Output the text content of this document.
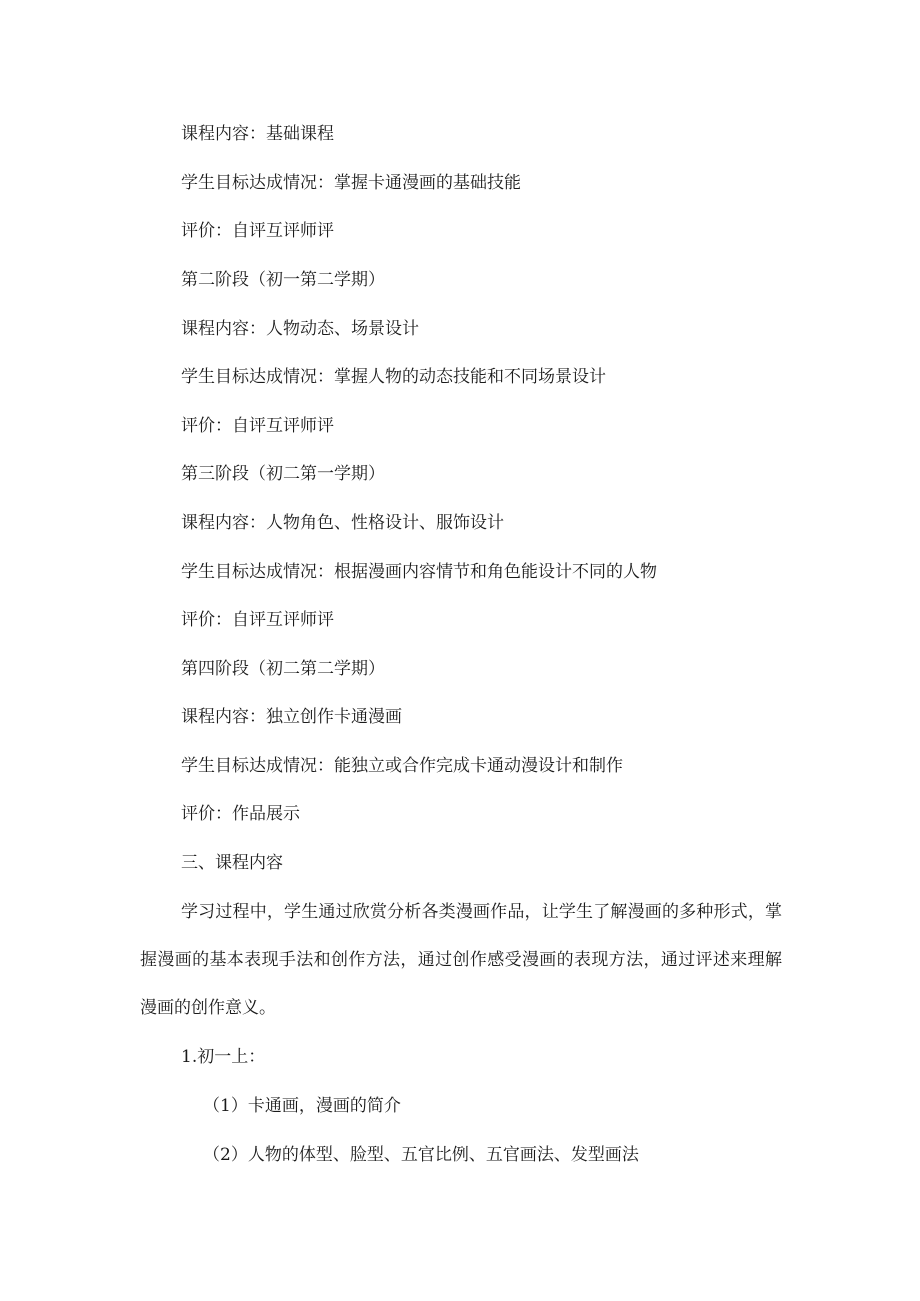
课程内容：基础课程
学生目标达成情况：掌握卡通漫画的基础技能
评价：自评互评师评
第二阶段（初一第二学期）
课程内容：人物动态、场景设计
学生目标达成情况：掌握人物的动态技能和不同场景设计
评价：自评互评师评
第三阶段（初二第一学期）
课程内容：人物角色、性格设计、服饰设计
学生目标达成情况：根据漫画内容情节和角色能设计不同的人物
评价：自评互评师评
第四阶段（初二第二学期）
课程内容：独立创作卡通漫画
学生目标达成情况：能独立或合作完成卡通动漫设计和制作
评价：作品展示
三、课程内容
学习过程中，学生通过欣赏分析各类漫画作品，让学生了解漫画的多种形式，掌握漫画的基本表现手法和创作方法，通过创作感受漫画的表现方法，通过评述来理解漫画的创作意义。
1.初一上：
（1）卡通画，漫画的简介
（2）人物的体型、脸型、五官比例、五官画法、发型画法
